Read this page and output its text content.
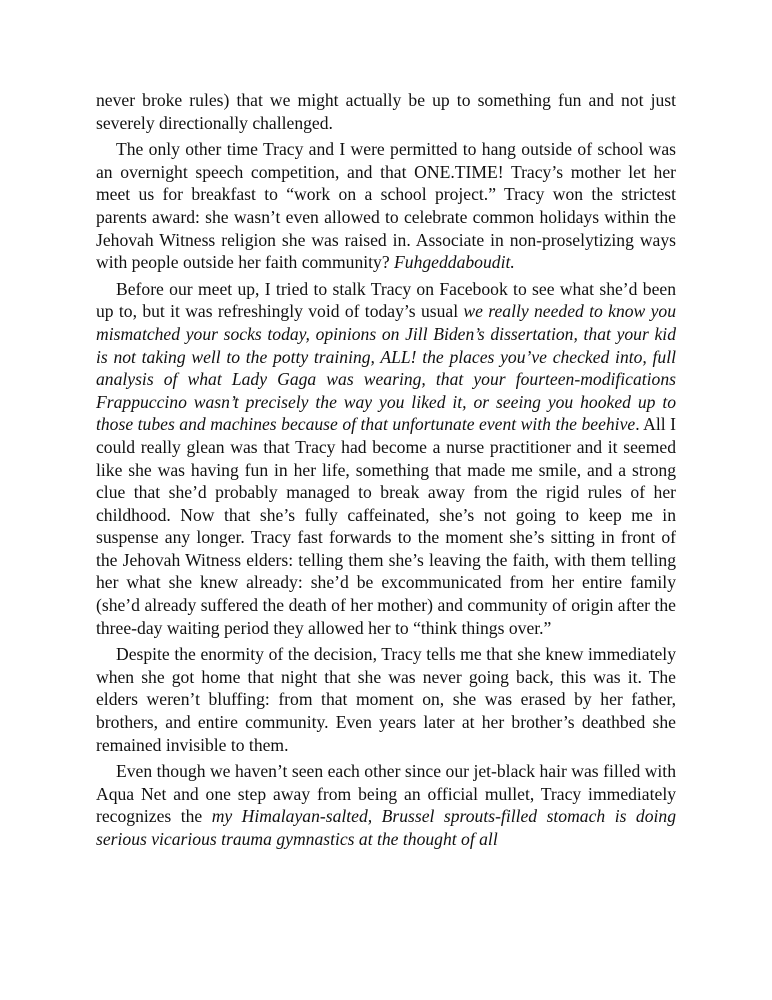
never broke rules) that we might actually be up to something fun and not just severely directionally challenged.

The only other time Tracy and I were permitted to hang outside of school was an overnight speech competition, and that ONE.TIME! Tracy’s mother let her meet us for breakfast to “work on a school project.” Tracy won the strictest parents award: she wasn’t even allowed to celebrate common holidays within the Jehovah Witness religion she was raised in. Associate in non-proselytizing ways with people outside her faith community? Fuhgeddaboudit.

Before our meet up, I tried to stalk Tracy on Facebook to see what she’d been up to, but it was refreshingly void of today’s usual we really needed to know you mismatched your socks today, opinions on Jill Biden’s dissertation, that your kid is not taking well to the potty training, ALL! the places you’ve checked into, full analysis of what Lady Gaga was wearing, that your fourteen-modifications Frappuccino wasn’t precisely the way you liked it, or seeing you hooked up to those tubes and machines because of that unfortunate event with the beehive. All I could really glean was that Tracy had become a nurse practitioner and it seemed like she was having fun in her life, something that made me smile, and a strong clue that she’d probably managed to break away from the rigid rules of her childhood. Now that she’s fully caffeinated, she’s not going to keep me in suspense any longer. Tracy fast forwards to the moment she’s sitting in front of the Jehovah Witness elders: telling them she’s leaving the faith, with them telling her what she knew already: she’d be excommunicated from her entire family (she’d already suffered the death of her mother) and community of origin after the three-day waiting period they allowed her to “think things over.”

Despite the enormity of the decision, Tracy tells me that she knew immediately when she got home that night that she was never going back, this was it. The elders weren’t bluffing: from that moment on, she was erased by her father, brothers, and entire community. Even years later at her brother’s deathbed she remained invisible to them.

Even though we haven’t seen each other since our jet-black hair was filled with Aqua Net and one step away from being an official mullet, Tracy immediately recognizes the my Himalayan-salted, Brussel sprouts-filled stomach is doing serious vicarious trauma gymnastics at the thought of all
